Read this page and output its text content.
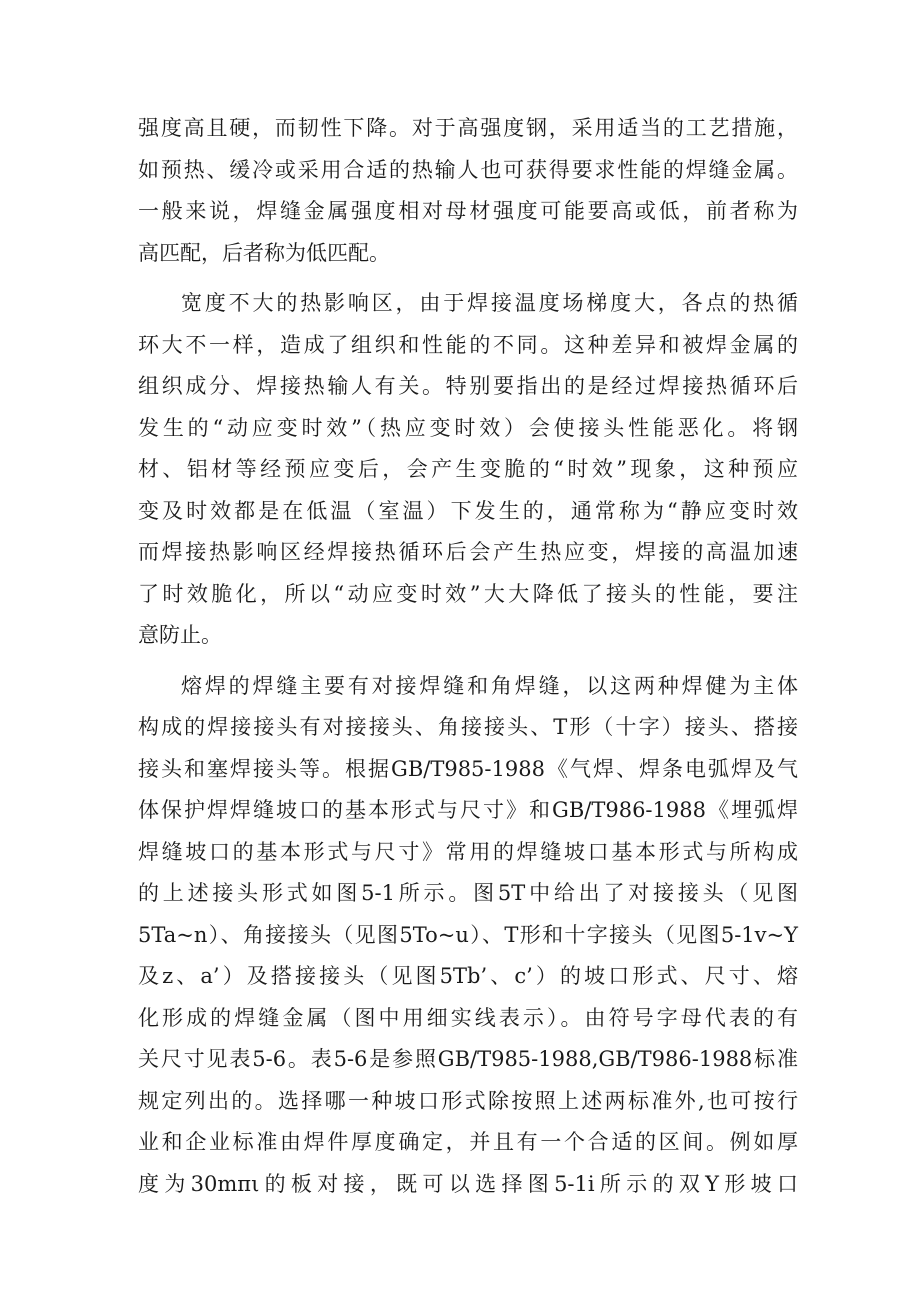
强度高且硬，而韧性下降。对于高强度钢，采用适当的工艺措施，
如预热、缓冷或采用合适的热输人也可获得要求性能的焊缝金属。
一般来说，焊缝金属强度相对母材强度可能要高或低，前者称为
高匹配，后者称为低匹配。
宽度不大的热影响区，由于焊接温度场梯度大，各点的热循
环大不一样，造成了组织和性能的不同。这种差异和被焊金属的
组织成分、焊接热输人有关。特别要指出的是经过焊接热循环后
发生的“动应变时效”（热应变时效）会使接头性能恶化。将钢
材、铝材等经预应变后，会产生变脆的“时效”现象，这种预应
变及时效都是在低温（室温）下发生的，通常称为“静应变时效
而焊接热影响区经焊接热循环后会产生热应变，焊接的高温加速
了时效脆化，所以“动应变时效”大大降低了接头的性能，要注
意防止。
熔焊的焊缝主要有对接焊缝和角焊缝，以这两种焊健为主体
构成的焊接接头有对接接头、角接接头、T形（十字）接头、搭接
接头和塞焊接头等。根据GB/T985-1988《气焊、焊条电弧焊及气
体保护焊焊缝坡口的基本形式与尺寸》和GB/T986-1988《埋弧焊
焊缝坡口的基本形式与尺寸》常用的焊缝坡口基本形式与所构成
的上述接头形式如图5-1所示。图5T中给出了对接接头（见图
5Ta~n）、角接接头（见图5To~u）、T形和十字接头（见图5-1v~Y
及z、a’）及搭接接头（见图5Tb’、c’）的坡口形式、尺寸、熔
化形成的焊缝金属（图中用细实线表示）。由符号字母代表的有
关尺寸见表5-6。表5-6是参照GB/T985-1988,GB/T986-1988标准
规定列出的。选择哪一种坡口形式除按照上述两标准外,也可按行
业和企业标准由焊件厚度确定，并且有一个合适的区间。例如厚
度为30mπι的板对接，既可以选择图5-1i所示的双Y形坡口
